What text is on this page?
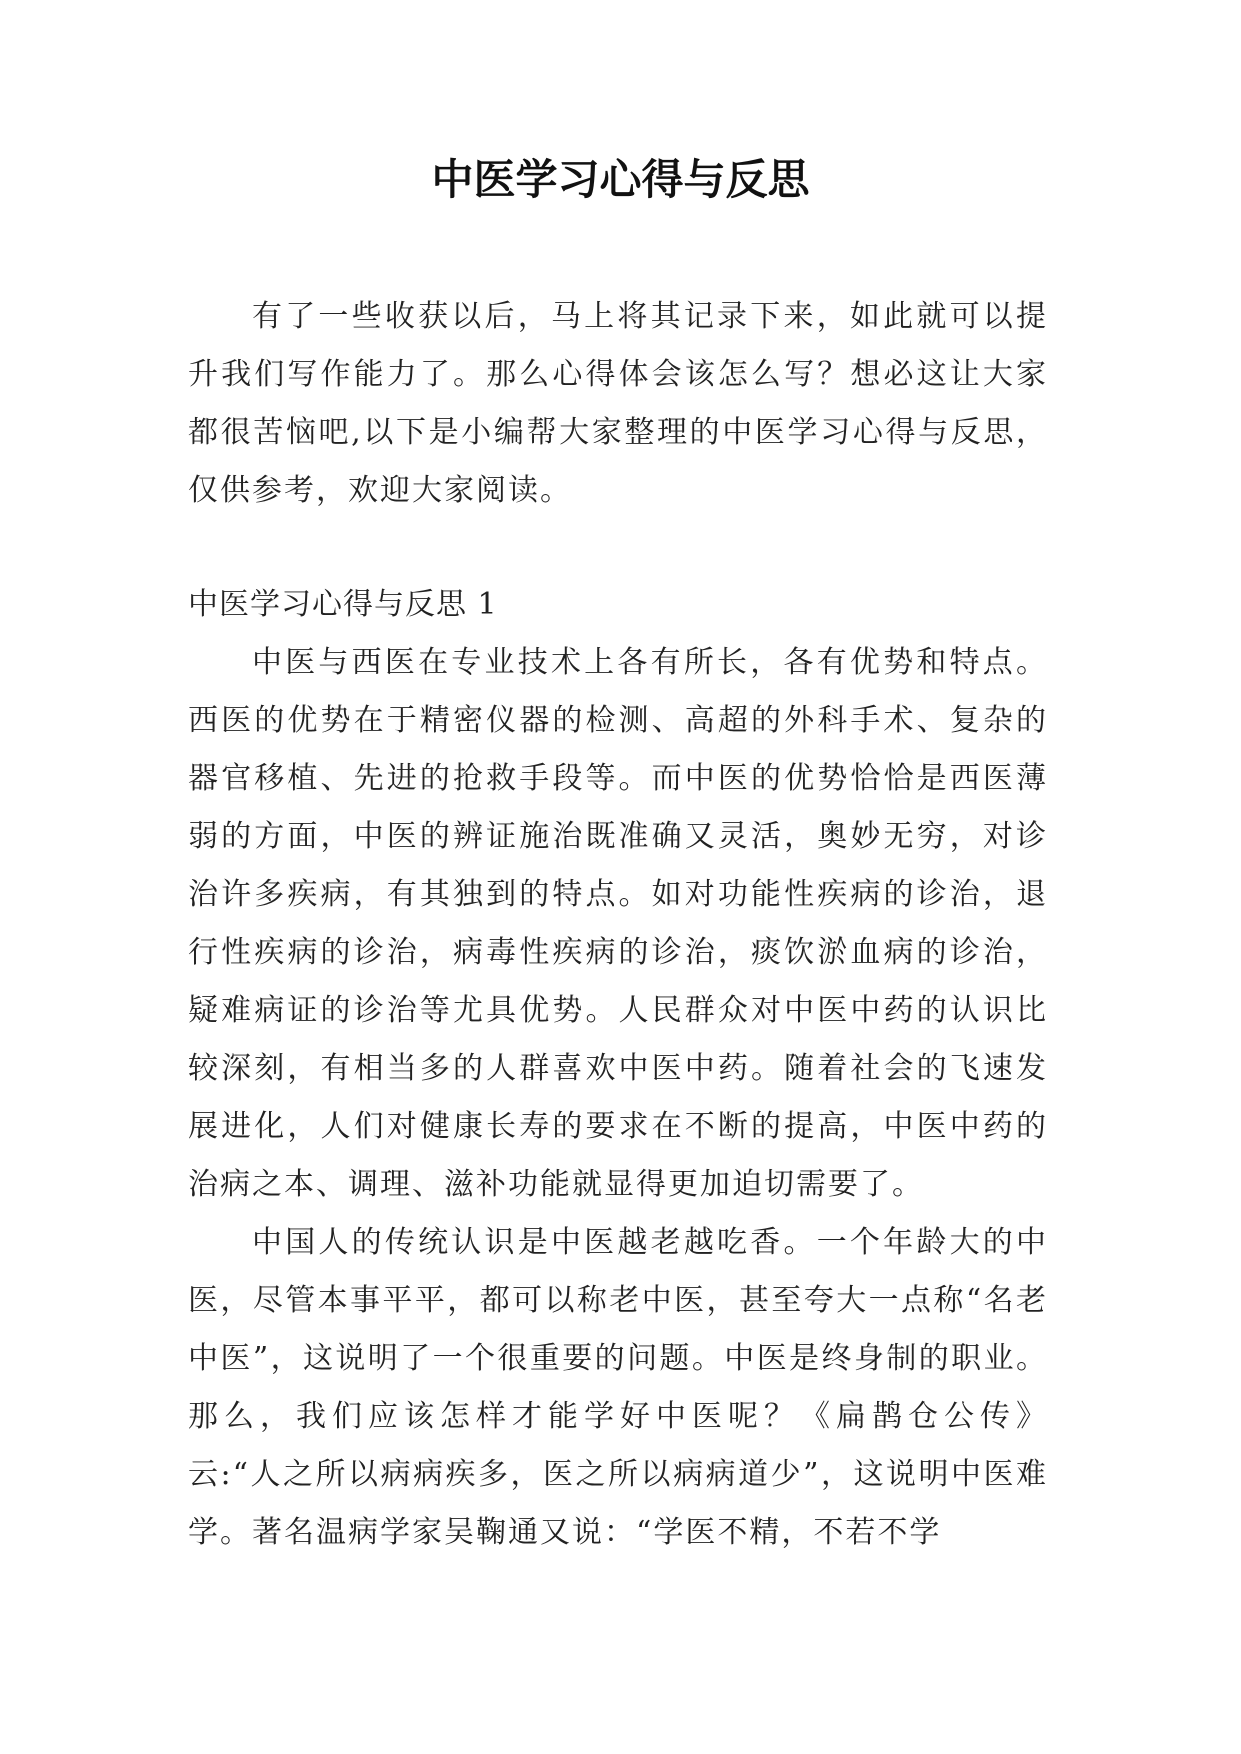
中医学习心得与反思

有了一些收获以后，马上将其记录下来，如此就可以提升我们写作能力了。那么心得体会该怎么写？想必这让大家都很苦恼吧,以下是小编帮大家整理的中医学习心得与反思，仅供参考，欢迎大家阅读。

中医学习心得与反思 1

中医与西医在专业技术上各有所长，各有优势和特点。西医的优势在于精密仪器的检测、高超的外科手术、复杂的器官移植、先进的抢救手段等。而中医的优势恰恰是西医薄弱的方面，中医的辨证施治既准确又灵活，奥妙无穷，对诊治许多疾病，有其独到的特点。如对功能性疾病的诊治，退行性疾病的诊治，病毒性疾病的诊治，痰饮淤血病的诊治，疑难病证的诊治等尤具优势。人民群众对中医中药的认识比较深刻，有相当多的人群喜欢中医中药。随着社会的飞速发展进化，人们对健康长寿的要求在不断的提高，中医中药的治病之本、调理、滋补功能就显得更加迫切需要了。

中国人的传统认识是中医越老越吃香。一个年龄大的中医，尽管本事平平，都可以称老中医，甚至夸大一点称“名老中医”，这说明了一个很重要的问题。中医是终身制的职业。那么，我们应该怎样才能学好中医呢？《扁鹊仓公传》云:“人之所以病病疾多，医之所以病病道少”，这说明中医难学。著名温病学家吴鞠通又说：“学医不精，不若不学
